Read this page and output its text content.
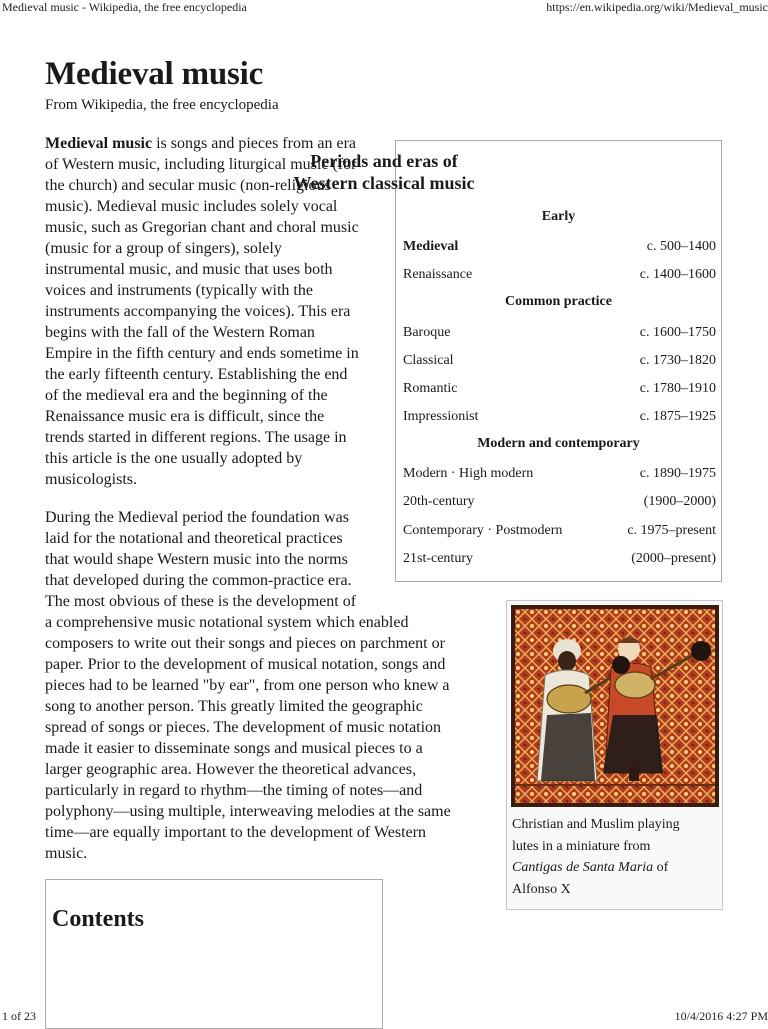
Medieval music - Wikipedia, the free encyclopedia	https://en.wikipedia.org/wiki/Medieval_music
Medieval music
From Wikipedia, the free encyclopedia
Medieval music is songs and pieces from an era
of Western music, including liturgical music (for
the church) and secular music (non-religious
music). Medieval music includes solely vocal
music, such as Gregorian chant and choral music
(music for a group of singers), solely
instrumental music, and music that uses both
voices and instruments (typically with the
instruments accompanying the voices). This era
begins with the fall of the Western Roman
Empire in the fifth century and ends sometime in
the early fifteenth century. Establishing the end
of the medieval era and the beginning of the
Renaissance music era is difficult, since the
trends started in different regions. The usage in
this article is the one usually adopted by
musicologists.
During the Medieval period the foundation was
laid for the notational and theoretical practices
that would shape Western music into the norms
that developed during the common-practice era.
The most obvious of these is the development of
a comprehensive music notational system which enabled
composers to write out their songs and pieces on parchment or
paper. Prior to the development of musical notation, songs and
pieces had to be learned "by ear", from one person who knew a
song to another person. This greatly limited the geographic
spread of songs or pieces. The development of music notation
made it easier to disseminate songs and musical pieces to a
larger geographic area. However the theoretical advances,
particularly in regard to rhythm—the timing of notes—and
polyphony—using multiple, interweaving melodies at the same
time—are equally important to the development of Western
music.
Periods and eras of
Western classical music
Early
Medieval	c. 500–1400
Renaissance	c. 1400–1600
Common practice
Baroque	c. 1600–1750
Classical	c. 1730–1820
Romantic	c. 1780–1910
Impressionist	c. 1875–1925
Modern and contemporary
Modern · High modern	c. 1890–1975
20th-century	(1900–2000)
Contemporary · Postmodern	c. 1975–present
21st-century	(2000–present)
Christian and Muslim playing
lutes in a miniature from
Cantigas de Santa Maria of
Alfonso X
Contents
1 of 23	10/4/2016 4:27 PM
